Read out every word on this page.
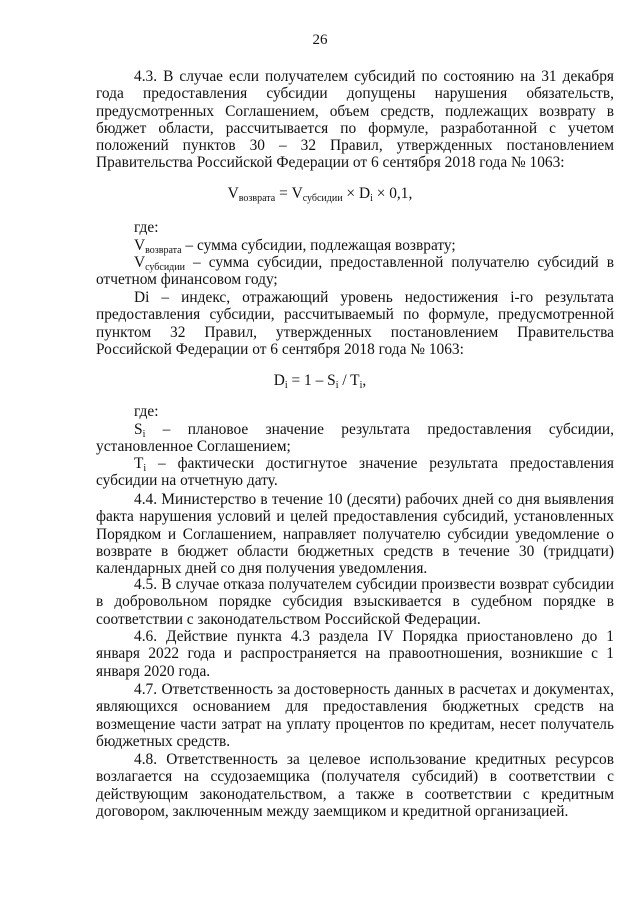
26

4.3. В случае если получателем субсидий по состоянию на 31 декабря года предоставления субсидии допущены нарушения обязательств, предусмотренных Соглашением, объем средств, подлежащих возврату в бюджет области, рассчитывается по формуле, разработанной с учетом положений пунктов 30 – 32 Правил, утвержденных постановлением Правительства Российской Федерации от 6 сентября 2018 года № 1063:

$V_{возврата} = V_{субсидии} \times D_i \times 0,1$,

где:

$V_{возврата}$ – сумма субсидии, подлежащая возврату;

$V_{субсидии}$ – сумма субсидии, предоставленной получателю субсидий в отчетном финансовом году;

Di – индекс, отражающий уровень недостижения i-го результата предоставления субсидии, рассчитываемый по формуле, предусмотренной пунктом 32 Правил, утвержденных постановлением Правительства Российской Федерации от 6 сентября 2018 года № 1063:

$D_i = 1 - S_i / T_i$,

где:

$S_i$ – плановое значение результата предоставления субсидии, установленное Соглашением;

$T_i$ – фактически достигнутое значение результата предоставления субсидии на отчетную дату.

4.4. Министерство в течение 10 (десяти) рабочих дней со дня выявления факта нарушения условий и целей предоставления субсидий, установленных Порядком и Соглашением, направляет получателю субсидии уведомление о возврате в бюджет области бюджетных средств в течение 30 (тридцати) календарных дней со дня получения уведомления.

4.5. В случае отказа получателем субсидии произвести возврат субсидии в добровольном порядке субсидия взыскивается в судебном порядке в соответствии с законодательством Российской Федерации.

4.6. Действие пункта 4.3 раздела IV Порядка приостановлено до 1 января 2022 года и распространяется на правоотношения, возникшие с 1 января 2020 года.

4.7. Ответственность за достоверность данных в расчетах и документах, являющихся основанием для предоставления бюджетных средств на возмещение части затрат на уплату процентов по кредитам, несет получатель бюджетных средств.

4.8. Ответственность за целевое использование кредитных ресурсов возлагается на ссудозаемщика (получателя субсидий) в соответствии с действующим законодательством, а также в соответствии с кредитным договором, заключенным между заемщиком и кредитной организацией.
